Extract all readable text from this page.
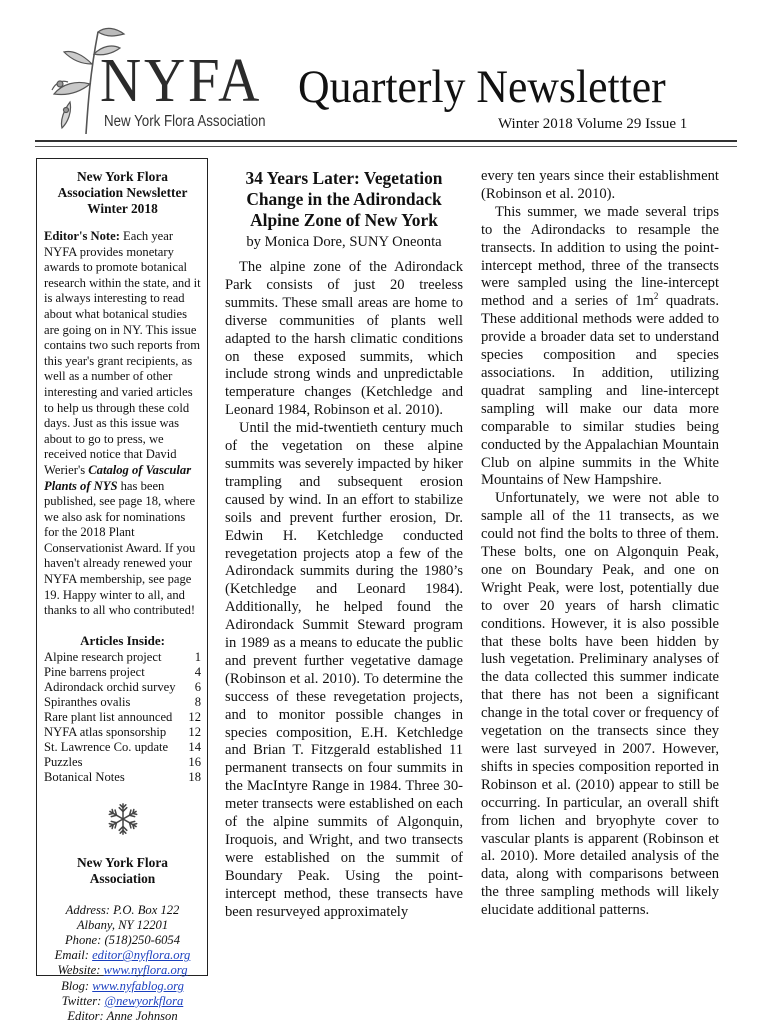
NYFA
New York Flora Association
Quarterly Newsletter
Winter 2018 Volume 29 Issue 1
New York Flora
Association Newsletter
Winter 2018
Editor's Note: Each year NYFA provides monetary awards to promote botanical research within the state, and it is always interesting to read about what botanical studies are going on in NY. This issue contains two such reports from this year's grant recipients, as well as a number of other interesting and varied articles to help us through these cold days. Just as this issue was about to go to press, we received notice that David Werier's Catalog of Vascular Plants of NYS has been published, see page 18, where we also ask for nominations for the 2018 Plant Conservationist Award. If you haven't already renewed your NYFA membership, see page 19. Happy winter to all, and thanks to all who contributed!
Articles Inside:
Alpine research project	1
Pine barrens project	4
Adirondack orchid survey 6
Spiranthes ovalis	8
Rare plant list announced 12
NYFA atlas sponsorship 12
St. Lawrence Co. update 14
Puzzles	16
Botanical Notes	18
New York Flora
Association
Address: P.O. Box 122
Albany, NY 12201
Phone: (518)250-6054
Email: editor@nyflora.org
Website: www.nyflora.org
Blog: www.nyfablog.org
Twitter: @newyorkflora
Editor: Anne Johnson
34 Years Later: Vegetation
Change in the Adirondack
Alpine Zone of New York
by Monica Dore, SUNY Oneonta

The alpine zone of the Adirondack Park consists of just 20 treeless summits. These small areas are home to diverse communities of plants well adapted to the harsh climatic conditions on these exposed summits, which include strong winds and unpredictable temperature changes (Ketchledge and Leonard 1984, Robinson et al. 2010).

Until the mid-twentieth century much of the vegetation on these alpine summits was severely impacted by hiker trampling and subsequent erosion caused by wind. In an effort to stabilize soils and prevent further erosion, Dr. Edwin H. Ketchledge conducted revegetation projects atop a few of the Adirondack summits during the 1980’s (Ketchledge and Leonard 1984). Additionally, he helped found the Adirondack Summit Steward program in 1989 as a means to educate the public and prevent further vegetative damage (Robinson et al. 2010). To determine the success of these revegetation projects, and to monitor possible changes in species composition, E.H. Ketchledge and Brian T. Fitzgerald established 11 permanent transects on four summits in the MacIntyre Range in 1984. Three 30-meter transects were established on each of the alpine summits of Algonquin, Iroquois, and Wright, and two transects were established on the summit of Boundary Peak. Using the point-intercept method, these transects have been resurveyed approximately

every ten years since their establishment (Robinson et al. 2010).

This summer, we made several trips to the Adirondacks to resample the transects. In addition to using the point-intercept method, three of the transects were sampled using the line-intercept method and a series of $1m^2$ quadrats. These additional methods were added to provide a broader data set to understand species composition and species associations. In addition, utilizing quadrat sampling and line-intercept sampling will make our data more comparable to similar studies being conducted by the Appalachian Mountain Club on alpine summits in the White Mountains of New Hampshire.

Unfortunately, we were not able to sample all of the 11 transects, as we could not find the bolts to three of them. These bolts, one on Algonquin Peak, one on Boundary Peak, and one on Wright Peak, were lost, potentially due to over 20 years of harsh climatic conditions. However, it is also possible that these bolts have been hidden by lush vegetation. Preliminary analyses of the data collected this summer indicate that there has not been a significant change in the total cover or frequency of vegetation on the transects since they were last surveyed in 2007. However, shifts in species composition reported in Robinson et al. (2010) appear to still be occurring. In particular, an overall shift from lichen and bryophyte cover to vascular plants is apparent (Robinson et al. 2010). More detailed analysis of the data, along with comparisons between the three sampling methods will likely elucidate additional patterns.
